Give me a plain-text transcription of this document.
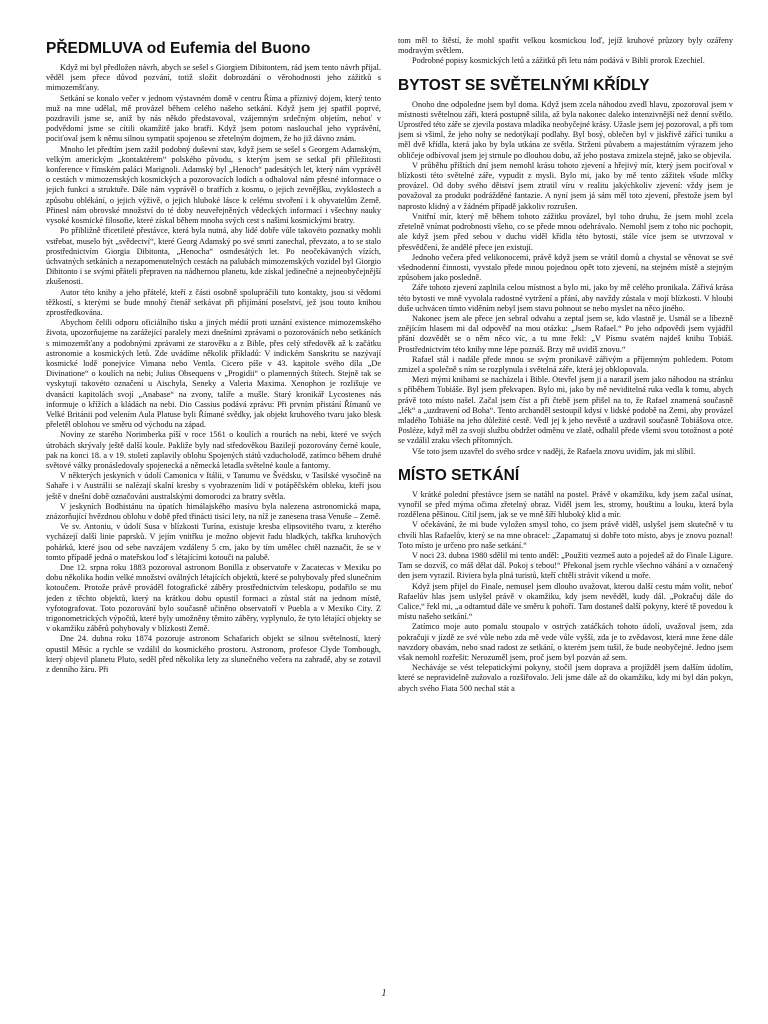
PŘEDMLUVA od Eufemia del Buono

Když mi byl předložen návrh, abych se sešel s Giorgiem Dibitontem, rád jsem tento návrh přijal. věděl jsem přece důvod pozvání, totiž složit dobrozdání o věrohodnosti jeho zážitků s mimozemšťany.

Setkání se konalo večer v jednom výstavném domě v centru Říma a příznivý dojem, který tento muž na mne udělal, mě provázel během celého našeho setkání. Když jsem jej spatřil poprvé, pozdravili jsme se, aniž by nás někdo představoval, vzájemným srdečným objetím, neboť v podvědomí jsme se cítili okamžitě jako bratři. Když jsem potom naslouchal jeho vyprávění, pociťoval jsem k němu silnou sympatii spojenou se zřetelným dojmem, že ho již dávno znám.

Mnoho let předtím jsem zažil podobný duševní stav, když jsem se sešel s Georgem Adamským, velkým americkým „kontaktérem“ polského původu, s kterým jsem se setkal při příležitosti konference v římském paláci Marignoli. Adamský byl „Henoch“ padesátých let, který nám vyprávěl o cestách v mimozemských kosmických a pozorovacích lodích a odhaloval nám přesné informace o jejich funkci a struktuře. Dále nám vyprávěl o bratřích z kosmu, o jejich zevnějšku, zvyklostech a způsobu oblékání, o jejich výživě, o jejich hluboké lásce k celému stvoření i k obyvatelům Země. Přinesl nám obrovské množství do té doby neuveřejněných vědeckých informací i všechny nauky vysoké kosmické filosofie, které získal během mnoha svých cest s našimi kosmickými bratry.

Po přibližně třicetileté přestávce, která byla nutná, aby lidé dobře vůle takovéto poznatky mohli vstřebat, muselo být „svědectví“, které Georg Adamský po své smrti zanechal, převzato, a to se stalo prostřednictvím Giorgia Dibitonta, „Henocha“ osmdesátých let. Po neočekávaných vízích, úchvatných setkáních a nezapomenutelných cestách na palubách mimozemských vozidel byl Giorgio Dibitonto i se svými přáteli přepraven na nádhernou planetu, kde získal jedinečné a nejneobyčejnější zkušenosti.

Autor této knihy a jeho přátelé, kteří z části osobně spolupráčili tuto kontakty, jsou si vědomi těžkostí, s kterými se bude mnohý čtenář setkávat při přijímání poselství, jež jsou touto knihou zprostředkována.

Abychom čelili odporu oficiálního tisku a jiných médií proti uznání existence mimozemského života, upozorňujeme na zarážející paralely mezi dnešními zprávami o pozorováních nebo setkáních s mimozemšťany a podobnými zprávami ze starověku a z Bible, přes celý středověk až k začátku astronomie a kosmických letů. Zde uvádíme několik příkladů: V indickém Sanskritu se nazývají kosmické lodě ponejvíce Vimana nebo Ventla. Cicero píše v 43. kapitole svého díla „De Divinatione“ o koulích na nebi; Julius Obsequens v „Progidii“ o plamenných štítech. Stejně tak se vyskytují takovéto označení u Aischyla, Seneky a Valeria Maxima. Xenophon je rozlišuje ve dvanácti kapitolách svojí „Anabase“ na zvony, talíře a mušle. Starý kronikář Lycostenes nás informuje o křížích a kládách na nebi. Dio Cassius podává zprávu: Při prvním přistání Římanů ve Velké Británii pod velením Aula Platuse byli Římané svědky, jak objekt kruhového tvaru jako blesk přeletěl oblohou ve směru od východu na západ.

Noviny ze starého Norimberka píší v roce 1561 o koulích a rourách na nebi, které ve svých útrobách skrývaly ještě další koule. Pakliže byly nad středověkou Bazilejí pozorovány černé koule, pak na konci 18. a v 19. století zaplavily oblohu Spojených států vzducholodě, zatímco během druhé světové války pronásledovaly spojenecká a německá letadla světelné koule a fantomy.

V některých jeskyních v údolí Camonica v Itálii, v Tanumu ve Švédsku, v Tasilské vysočině na Sahaře i v Austrálii se nalézají skalní kresby s vyobrazením lidí v potápěčském obleku, kteří jsou ještě v dnešní době označováni australskými domorodci za bratry světla.

V jeskyních Bodhistánu na úpatích himálajského masívu byla nalezena astronomická mapa, znázorňující hvězdnou oblohu v době před třinácti tisíci lety, na níž je zanesena trasa Venuše – Země.

Ve sv. Antoniu, v údolí Susa v blízkosti Turína, existuje kresba elipsovitého tvaru, z kterého vycházejí další linie paprsků. V jejím vnitřku je možno objevit řadu hladkých, takřka kruhových pohárků, které jsou od sebe navzájem vzdáleny 5 cm, jako by tím umělec chtěl naznačit, že se v tomto případě jedná o mateřskou loď s létajícími kotouči na palubě.

Dne 12. srpna roku 1883 pozoroval astronom Bonilla z observatoře v Zacatecas v Mexiku po dobu několika hodin velké množství oválných létajících objektů, které se pohybovaly před slunečním kotoučem. Protože právě prováděl fotografické záběry prostřednictvím teleskopu, podařilo se mu jeden z těchto objektů, který na krátkou dobu opustil formaci a zůstal stát na jednom místě, vyfotografovat. Toto pozorování bylo současně učiněno observatoří v Puebla a v Mexiko City. Z trigonometrických výpočtů, které byly umožněny těmito záběry, vyplynulo, že tyto létající objekty se v okamžiku záběrů pohybovaly v blízkosti Země.

Dne 24. dubna roku 1874 pozoruje astronom Schafarich objekt se silnou světelností, který opustil Měsíc a rychle se vzdálil do kosmického prostoru. Astronom, profesor Clyde Tombough, který objevil planetu Pluto, seděl před několika lety za slunečného večera na zahradě, aby se zotavil z denního žáru. Při

tom měl to štěstí, že mohl spatřit velkou kosmickou loď, jejíž kruhové průzory byly ozářeny modravým světlem.

Podrobné popisy kosmických letů a zážitků při letu nám podává v Bibli prorok Ezechiel.

BYTOST SE SVĚTELNÝMI KŘÍDLY

Onoho dne odpoledne jsem byl doma. Když jsem zcela náhodou zvedl hlavu, zpozoroval jsem v místnosti světelnou záři, která postupně sílila, až byla nakonec daleko intenzivnější než denní světlo. Uprostřed této záře se zjevila postava mladíka neobyčejné krásy. Užasle jsem jej pozoroval, a při tom jsem si všiml, že jeho nohy se nedotýkají podlahy. Byl bosý, oblečen byl v jiskřivě zářící tuniku a měl dvě křídla, která jako by byla utkána ze světla. Strženi půvabem a majestátním výrazem jeho obličeje odbívoval jsem jej strnule po dlouhou dobu, až jeho postava zmizela stejně, jako se objevila.

V průběhu příštích dní jsem nemohl krásu tohoto zjevení a hřejivý mír, který jsem pociťoval v blízkosti této světelné záře, vypudit z mysli. Bylo mi, jako by mě tento zážitek všude mlčky provázel. Od doby svého dětství jsem ztratil víru v realitu jakýchkoliv zjevení: vždy jsem je považoval za produkt podrážděné fantazie. A nyní jsem já sám měl toto zjevení, přestože jsem byl naprosto klidný a v žádném případě jakkoliv rozrušen.

Vnitřní mír, který mě během tohoto zážitku provázel, byl toho druhu, že jsem mohl zcela zřetelně vnímat podrobnosti všeho, co se přede mnou odehrávalo. Nemohl jsem z toho nic pochopit, ale když jsem před sebou v duchu viděl křídla této bytosti, stále více jsem se utvrzoval v přesvědčení, že andělé přece jen existují.

Jednoho večera před velikonocemi, právě když jsem se vrátil domů a chystal se věnovat se své všednodenní činnosti, vyvstalo přede mnou pojednou opět toto zjevení, na stejném místě a stejným způsobem jako posledně.

Záře tohoto zjevení zaplnila celou místnost a bylo mi, jako by mě celého pronikala. Zářivá krása této bytosti ve mně vyvolala radostné vytržení a přání, aby navždy zůstala v mojí blízkosti. V hloubi duše uchvácen tímto viděním nebyl jsem stavu pohnout se nebo myslet na něco jiného.

Nakonec jsem ale přece jen sebral odvahu a zeptal jsem se, kdo vlastně je. Usmál se a líbezně znějícím hlasem mi dal odpověď na mou otázku: „Jsem Rafael.“ Po jeho odpovědi jsem vyjádřil přání dozvědět se o něm něco víc, a tu mne řekl: „V Písmu svatém najdeš knihu Tobiáš. Prostřednictvím této knihy mne lépe poznáš. Brzy mě uvidíš znovu.“

Rafael stál i nadále přede mnou se svým pronikavě zářivým a příjemným pohledem. Potom zmizel a společně s ním se rozplynula i světelná záře, která jej obklopovala.

Mezi mými knihami se nacházela i Bible. Otevřel jsem ji a narazil jsem jako náhodou na stránku s příběhem Tobiáše. Byl jsem překvapen. Bylo mi, jako by mě neviditelná ruka vedla k tomu, abych právě toto místo našel. Začal jsem číst a při čtebě jsem přišel na to, že Rafael znamená současně „lék“ a „uzdravení od Boha“. Tento archanděl sestoupil kdysi v lidské podobě na Zemi, aby provázel mladého Tobiáše na jeho důležité cestě. Vedl jej k jeho nevěstě a uzdravil současně Tobiášova otce. Posléze, když měl za svoji službu obdržet odměnu ve zlatě, odhalil přede všemi svou totožnost a poté se vzdálil zraku všech přítomných.

Vše toto jsem uzavřel do svého srdce v naději, že Rafaela znovu uvidím, jak mi slíbil.

MÍSTO SETKÁNÍ

V krátké polední přestávce jsem se natáhl na postel. Právě v okamžiku, kdy jsem začal usínat, vynořil se před mýma očima zřetelný obraz. Viděl jsem les, stromy, houštinu a louku, která byla rozdělena pěšinou. Cítil jsem, jak se ve mně šíří hluboký klid a mír.

V očekávání, že mi bude vyložen smysl toho, co jsem právě viděl, uslyšel jsem skutečně v tu chvíli hlas Rafaelův, který se na mne obracel: „Zapamatuj si dobře toto místo, abys je znovu poznal! Toto místo je určeno pro naše setkání.“

V noci 23. dubna 1980 sdělil mi tento anděl: „Použiti vezmeš auto a pojedeš až do Finale Ligure. Tam se dozvíš, co máš dělat dál. Pokoj s tebou!“ Překonal jsem rychle všechno váhání a v označený den jsem vyrazil. Riviera byla plná turistů, kteří chtěli strávit víkend u moře.

Když jsem přijel do Finale, nemusel jsem dlouho uvažovat, kterou další cestu mám volit, neboť Rafaelův hlas jsem uslyšel právě v okamžiku, kdy jsem nevěděl, kudy dál. „Pokračuj dále do Calice,“ řekl mi, „a odtamtud dále ve směru k pohoří. Tam dostaneš další pokyny, které tě povedou k místu našeho setkání.“

Zatímco moje auto pomalu stoupalo v ostrých zatáčkách tohoto údolí, uvažoval jsem, zda pokračuji v jízdě ze své vůle nebo zda mě vede vůle vyšší, zda je to zvědavost, která mne žene dále navzdory obavám, nebo snad radost ze setkání, o kterém jsem tušil, že bude neobyčejné. Jedno jsem však nemohl rozřešit: Nerozuměl jsem, proč jsem byl pozván až sem.

Necháváje se vést telepatickými pokyny, stočil jsem doprava a projížděl jsem dalším údolím, které se nepravidelně zužovalo a rozšiřovalo. Jeli jsme dále až do okamžiku, kdy mi byl dán pokyn, abych svého Fiata 500 nechal stát a

1
